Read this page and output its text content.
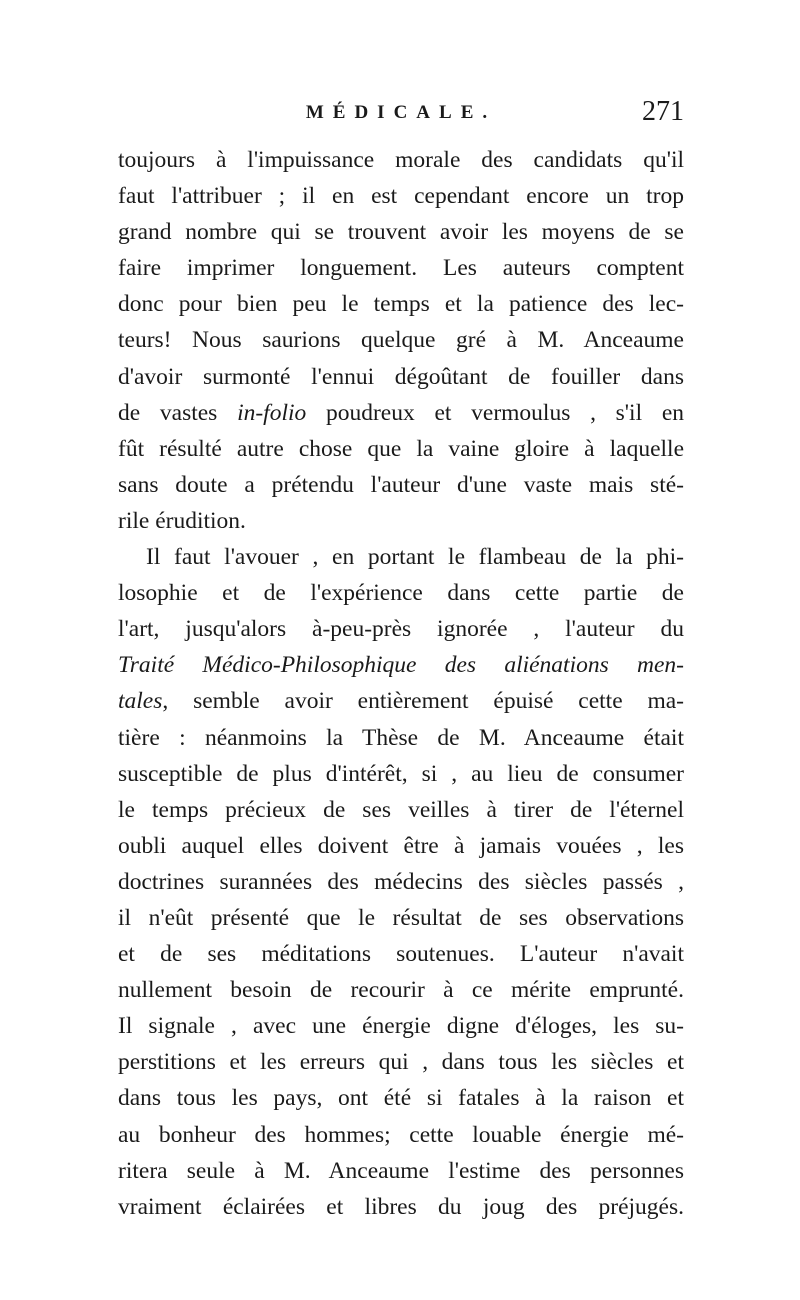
MÉDICALE.	271
toujours à l'impuissance morale des candidats qu'il
faut l'attribuer ; il en est cependant encore un trop
grand nombre qui se trouvent avoir les moyens de se
faire imprimer longuement. Les auteurs comptent
donc pour bien peu le temps et la patience des lec-
teurs! Nous saurions quelque gré à M. Anceaume
d'avoir surmonté l'ennui dégoûtant de fouiller dans
de vastes in-folio poudreux et vermoulus , s'il en
fût résulté autre chose que la vaine gloire à laquelle
sans doute a prétendu l'auteur d'une vaste mais sté-
rile érudition.
Il faut l'avouer , en portant le flambeau de la phi-
losophie et de l'expérience dans cette partie de
l'art, jusqu'alors à-peu-près ignorée , l'auteur du
Traité Médico-Philosophique des aliénations men-
tales, semble avoir entièrement épuisé cette ma-
tière : néanmoins la Thèse de M. Anceaume était
susceptible de plus d'intérêt, si , au lieu de consumer
le temps précieux de ses veilles à tirer de l'éternel
oubli auquel elles doivent être à jamais vouées , les
doctrines surannées des médecins des siècles passés ,
il n'eût présenté que le résultat de ses observations
et de ses méditations soutenues. L'auteur n'avait
nullement besoin de recourir à ce mérite emprunté.
Il signale , avec une énergie digne d'éloges, les su-
perstitions et les erreurs qui , dans tous les siècles et
dans tous les pays, ont été si fatales à la raison et
au bonheur des hommes; cette louable énergie mé-
ritera seule à M. Anceaume l'estime des personnes
vraiment éclairées et libres du joug des préjugés.
